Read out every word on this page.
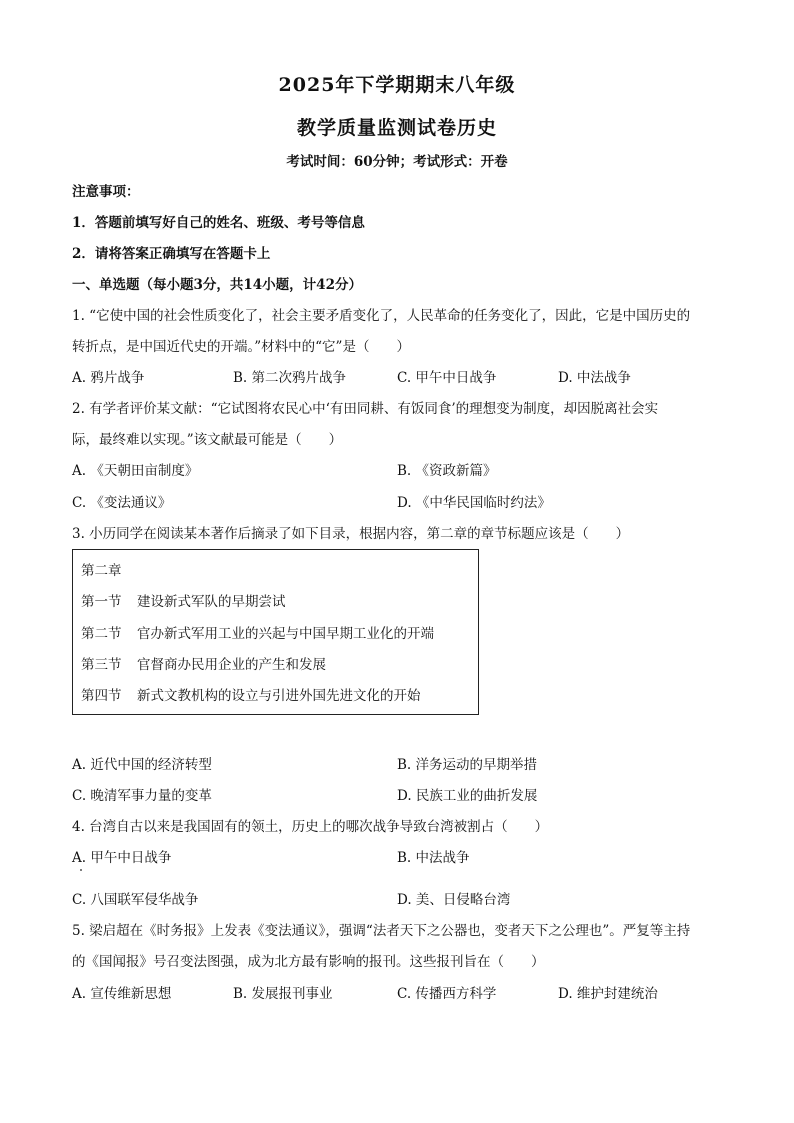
2025年下学期期末八年级
教学质量监测试卷历史
考试时间：60分钟；考试形式：开卷
注意事项：
1．答题前填写好自己的姓名、班级、考号等信息
2．请将答案正确填写在答题卡上
一、单选题（每小题3分，共14小题，计42分）
1. “它使中国的社会性质变化了，社会主要矛盾变化了，人民革命的任务变化了，因此，它是中国历史的
转折点，是中国近代史的开端。”材料中的“它”是（　　）
A. 鸦片战争	B. 第二次鸦片战争	C. 甲午中日战争	D. 中法战争
2. 有学者评价某文献：“它试图将农民心中‘有田同耕、有饭同食’的理想变为制度，却因脱离社会实
际，最终难以实现。”该文献最可能是（　　）
A. 《天朝田亩制度》	B. 《资政新篇》
C. 《变法通议》	D. 《中华民国临时约法》
3. 小历同学在阅读某本著作后摘录了如下目录，根据内容，第二章的章节标题应该是（　　）
第二章
第一节 建设新式军队的早期尝试
第二节 官办新式军用工业的兴起与中国早期工业化的开端
第三节 官督商办民用企业的产生和发展
第四节 新式文教机构的设立与引进外国先进文化的开始
A. 近代中国的经济转型	B. 洋务运动的早期举措
C. 晚清军事力量的变革	D. 民族工业的曲折发展
4. 台湾自古以来是我国固有的领土，历史上的哪次战争导致台湾被割占（　　）
A. 甲午中日战争	B. 中法战争
C. 八国联军侵华战争	D. 美、日侵略台湾
5. 梁启超在《时务报》上发表《变法通议》，强调“法者天下之公器也，变者天下之公理也”。严复等主持
的《国闻报》号召变法图强，成为北方最有影响的报刊。这些报刊旨在（　　）
A. 宣传维新思想	B. 发展报刊事业	C. 传播西方科学	D. 维护封建统治
